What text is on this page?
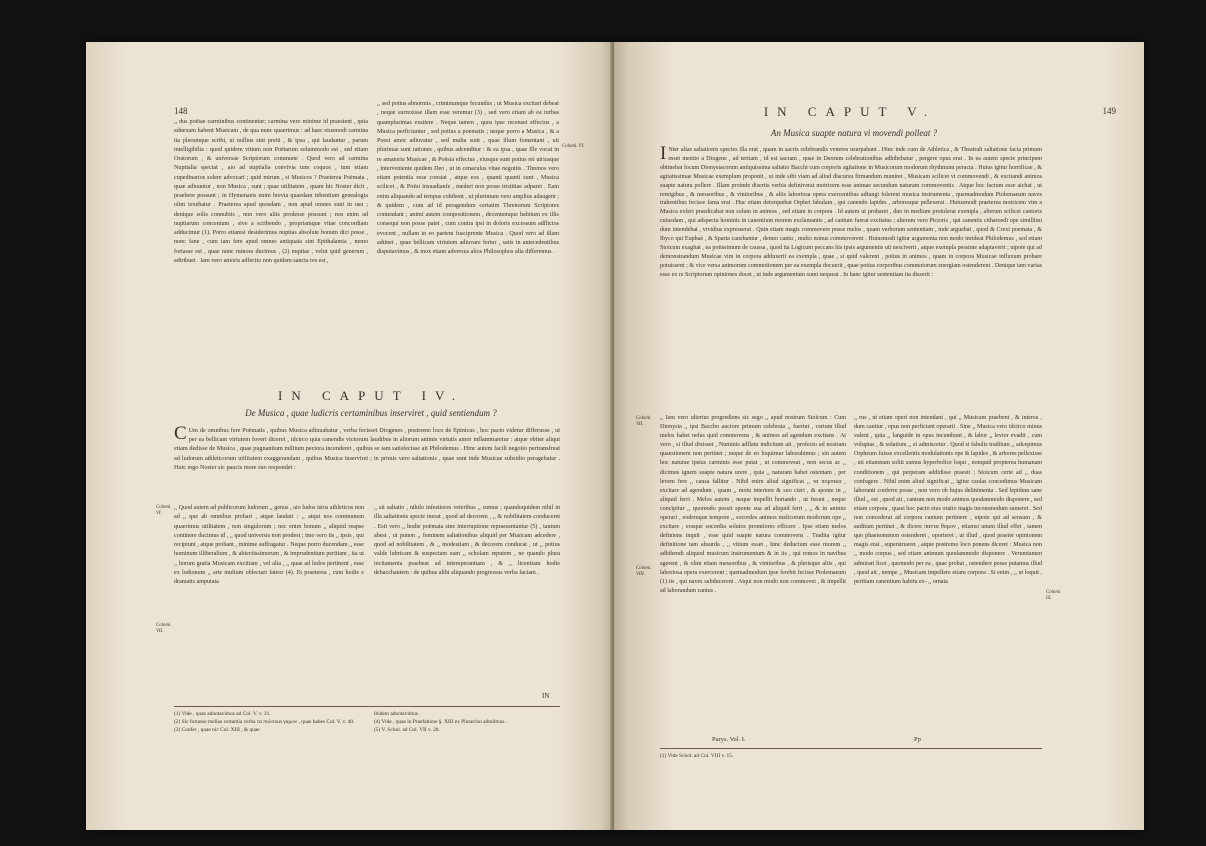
148

,, dus poëtae carminibus continentur; carmina vero minime id praestent , quia adnexam habent Musicam , de qua nunc quaerimus : ad haec eiusmodi carmina ita plerumque scribi, ut nullius sint pretii , & ipsa , qui laudantur , parum intelligibilia : quod quidem vitium non Poëtarum solummodo est , sed etiam Oratorum , & universae Scriptorum commune . Quod vero ad carmina Nuptialia spectat , aio ad nuptialia convivia tum coquos , tum etiam cupedinarios solere advocari ; quid mirum , si Musicos ? Praeterea Poëmata , quae adiuuntur , non Musica , sunt ; quae utilitatem , quam hic Noster dicit , praebere possunt ; in Hymenaeis enim brevia quaedam inbentium genealogia olim texebatur . Praeterea apud quosdam , non apud omnes sunt in usu ; denique solis connubiis , non vero aliis prodesse possunt ; nos enim ad nuptiarum concentum , sive a scribendo , propriamque vitae concordiam adducimur (1). Porro etiamsi desiderimus nuptias absolute bonum dici posse , nunc fane , cum iam fere apud omnes antiquata sint Epithalamia , nemo fortasse est , quae nunc minora ducimus , (2) nuptias , velut quid generum , adtribuet . Iam vero amoris adfectio non quidem sancta res est ,

,, sed potius abnormis , criminumque fecundus ; ut Musica excitari debeat , neque surrexisse illam esse veremur (3) , sed vero etiam ab ea turbas quamplurimas exsitere . Neque tamen , quos ipse recenset effectus , a Musica perficiuntur , sed potius a poematis ; neque porro a Musica , & a Poesi amor adiuvatur , sed multa sunt , quae illum fomentant , uti plurimae sunt rationes , quibus adcenditur : & ea ipsa , quae Ille vocat in re amatoria Musicae , & Poësia effectus , eiusque sunt potius rei utriusque , interveniente quidem Deo , ut in cenaculus vitae negotiis . Threnos vero etiam potentia esse constat , atque eos , quanti quanti sunt , Musica scilicet , & Poësi insuadianfe , mederi non posse tristitiae adparet . Eam enim aliquando ad tempus cohibent , ut plurimum vero amplius adaugent ; & quidem , cum ad id peragendum certatim Threnorum Scriptores contendant ; animi autem compositionem , decentemque habitum ex illis consequi non posse patet , cum contra ipsi in doloris excessum adflictos evocent , nullam in eo partem fusciprente Musica . Quod vero ad illam adtinet , quae bellicam virtutem adiuvare fertur , satis in antecedentibus disputavimus , & mox etiam adversus alios Philosophos alia differemus .

Colomi. VI.
IN CAPUT IV.
De Musica , quae ludicris certaminibus inserviret , quid sentiendum ?
C Um de omnibus fere Poëmatis , quibus Musica adiuuabatur , verba fecisset Diogenes , postremo loco de Epinicus , hoc pacto videtur differusse , ut per ea bellicam virtutem foveri diceret , idcirco quia canendis victorum laudibus in aliorum animis virtutis amor inflammaretur : atque obiter aliqui etiam dedisse de Musica , quae pugnantium militum pectora incenderet , quibus se iam satisfecisse ait Philodemus . Hinc autem facili negotio pertransfreat ad ludorum athleticorum utilitatem exaggerandam , quibus Musica inserviret ; in primis vero saltationis , quae sunt inde Musicae subsidio peragebatur . Huic ergo Noster sic paucis more suo respondet :
Colomi. VI.
Colomi. VII.

,, Quod autem ad publicorum ludorum ,, genus , aio ludos istos athleticos non ad ,, que ab omnibus probari , atque laudari : ,, atqui nos communem quaerimus utilitatem , non singulorum ; nec enim bonum ,, aliquid reapse continere ducimus id , ,, quod universis non prodest ; imo vero iis ,, ipsis , qui recipiunt , atque probant , minime suffragatur . Neque porro ducendam ,, esse hominum illiberalium , & abiectissimorum , & imprudentium peritiam , ita ut ,, horum gratia Musicam excitiam , vel alia , ,, quae ad ludos pertinent , esse ex ludionum ,, arte multum oblectari fateor (4). Et praeterea , cum hodie e dramatis amputata

,, sit saltatio , nihilo infestiores veteribus ,, sumus ; quandoquidem nihil in illa saltationis specie inerat , quod ad decorem , ,, & nobilitatem conduceret . Esti vero ,, hodie poëmata sine interruptione repraesentantur (5) , tantum abest , ut putem ,, feminem saltationibus aliquid per Musicam adcedere , quod ad nobilitatem , & ,, modestiam , & decorem conducat , ut ,, potius valde lubricam & suspectam eam ,, scholam reputem , ne quando plura incitamenta praebeat ad intemperantiam , & ,, licentiam hodie debacchantem : de quibus alibi aliquando progressus verba faciam .

IN
(1) Vide , quae adnotavimus ad Col. V. v. 31.
(2) Sic fortasse melius certamia verba τα πολιτικα γαμων , quae habes Col. V. v. 40.
(3) Confer , quae nic Col. XIII , & quae
ibidem adnotavimus .
(4) Vide , quae in Praefatione §. XIII ex Plutarcho adtulimus .
(5) V. Schol. ad Col. VII v. 20.
149
IN CAPUT V.
An Musica suapte natura vi movendi polleat ?
I Nter alias saltationis species illa erat , quam in sacris celebrandis veneres usurpabant . Hinc inde cum de Athletica , & Theatrali saltatione facta primum esset mentio a Diogene , ad tertiam , id est sacram , quae in Deorum celebrationibus adhibebatur , pergere opus erat . In ea autem specie principem obtinebat locum Dionysiacorum antiquissima saltatio Bacchi cum corporis agitatione in Musicorum modorum rhythmum peracta . Huius igitur horrificae , & agitatissimae Musicae exemplum proponit , ut inde sibi viam ad aliud discursu firmandum muniret , Musicam scilicet vi commovendi , & excitandi animos suapte natura pollere . Illam proinde disertis verbis definiverat motricem esse animae secundum naturam commoventis . Atque hoc factum esse aichat , ut remigibus , & messoribus , & vinitoribus , & aliis laboriosa opera exercentibus adiungi folerent musica instrumenta , quemadmodum Ptolemaeum naves trahentibus fecisse fama erat . Huc etiam detorquebat Orphei fabulam , qui canendo lapides , arboresque pellexerat . Huiusmodi praeterea motricem vim a Musica exferi praedicabat non solum in animos , sed etiam in corpora . Id autem ut probaret , duo in medium protulerat exempla , alterum scilicet cantoris cuiusdam , qui adspectu hominis in canentium morem exclamantis , ad cantum fuerat excitatus ; alterum vero Pictoris , qui canentis citharoedi ope simillimi dum intendebat , vividius expresserat . Quin etiam magis commovere posse melos , quam verborum sententiam , inde arguebat , quod & Crexi poemata , & Ibyco qui Euphaè , & Sparta canebantur , demto cantu , multo minus commoverent . Huiusmodi igitur argumenta non modo inrideat Philodemus , sed etiam Stoicum exagitat , ea potissimum de caussa , quod ita Logicum peccans his ipsis argumentis uti nesciverit , atque exempla pessime adaptaverit ; utpote qui ad demonstrandum Musicae vim in corpora adduxerit ea exempla , quae , si quid valerent , potius in animos , quam in corpora Musicae influxum probare potuissent ; & vice versa animorum commotionem per ea exempla docuerit , quae potius corporibus commotorum energiam ostenderent . Denique tam varias esse ex re Scriptorum opiniones docet , ut inde argumentum sumi nequeat . In hanc igitur sententiam ita disserit :
Colomi. VII.
Colomi. VIII.
Colomi. IX.

,, Iam vero ulterius progrediens sic sego ,, apud nostrum Stoicum : Cum Dionysia ,, ipsi Baccho auctore primum celebrata ,, fuerint , certum illud melos habet nefas quid commovens , & animos ad agendum excitans . At vero , si illud dixisset , Numinis adflatu indicitum ait , profecto ad nostram quaestionem non pertinet ; neque de eo loquimur laborabimus ; sin autem hoc naturae ipsius carminis esse putat , ut commoveat , non secus ac ,, dicimus ignem suapte natura urere , quia ,, naturam habet ostentam , per levem fere ,, causa fallitur . Nihil enim aliud significat ,, τα πομπικα , excitare ad agendum , quam ,, motu interiore & suo cieri , & sponte in ,, aliquid ferri . Melos autem , neque impellit hortando , ut ferant , neque concipitur ,, quomodo possit sponte sua ad aliquid ferri , ,, & in animis operari , eodemque tempore ,, socordes animos melicorum modorum ope ,, excitare , eosque socordia solutos promtiores efficere . Ipse etiam melos definiens inquit , esse quid suapte natura commovens . Tradita igitur definitione tam absurda , ,, vitium esset , hinc deductum esse morem ,, adhibendi aliquod musicum instrumentum & in iis , qui remos in navibus agerent , & olim etiam messoribus , & vinitoribus , & plerisque aliis , qui laboriosa opera exercerent ; quemadmodum ipse ferebit fecisse Ptolemaeum (1) iis , qui naves subducerent . Atqui non modo non commovet , & impellit ad laborandum cantus .

,, rus , ut etiam operi non intendant , qui ,, Musicam praebent , & interea , dum canitur , opus non perficiant operarii . Sine ,, Musica vero idcirco minus valent , quia ,, languide in opus incumbunt , & labor ,, levior evadit , cum voluptas , & solatium ,, ei admiscetur . Quod si fabulis traditum ,, adcepimus Orpheum fuisse excellentis modulationis ope & lapides , & arbores pellexisse , uti etiamnum soliti sumus hyperbolice loqui , nonquid propterea humanam conditionem , qui perperam addidisse praesit ; Stoicum certe ad ,, duas confugere . Nihil enim aliud significat ,, igitur caulas concedimus Musicam laboranti conferre posse , non vero ob hujus delinimenta . Sed lepidum sane illud ,, est , quod ait , cantum non modo animos quodammodo disponere , sed etiam corpora , quasi hoc pacto eius oratio magis incommodum sumeret . Sed non concederat ad corpora cantum pertinere , utpote qui ad sensum , & auditum pertinet , & dicere παντα θυμον , etiamsi unum illud effet , tamen quo phaenomenon ostenderet , oporteret , ut illud , quod praeter opinionem magis erat , superstrueret , atque postremo loco ponens diceret : Musica non ,, modo corpus , sed etiam animum quodammodo disponere . Verumtamen admirari licet , quomodo per ea , quae probat , ostendere posse putamus illud , quod ait , nempe ,, Musicam impellere etiam corpora . Si enim , ,, ut loquit , peritiam canentium habitu ex- ,, ornata

Parys. Vol. I.	Pp
(1) Vide Schol. ad Col. VIII v. 15.
